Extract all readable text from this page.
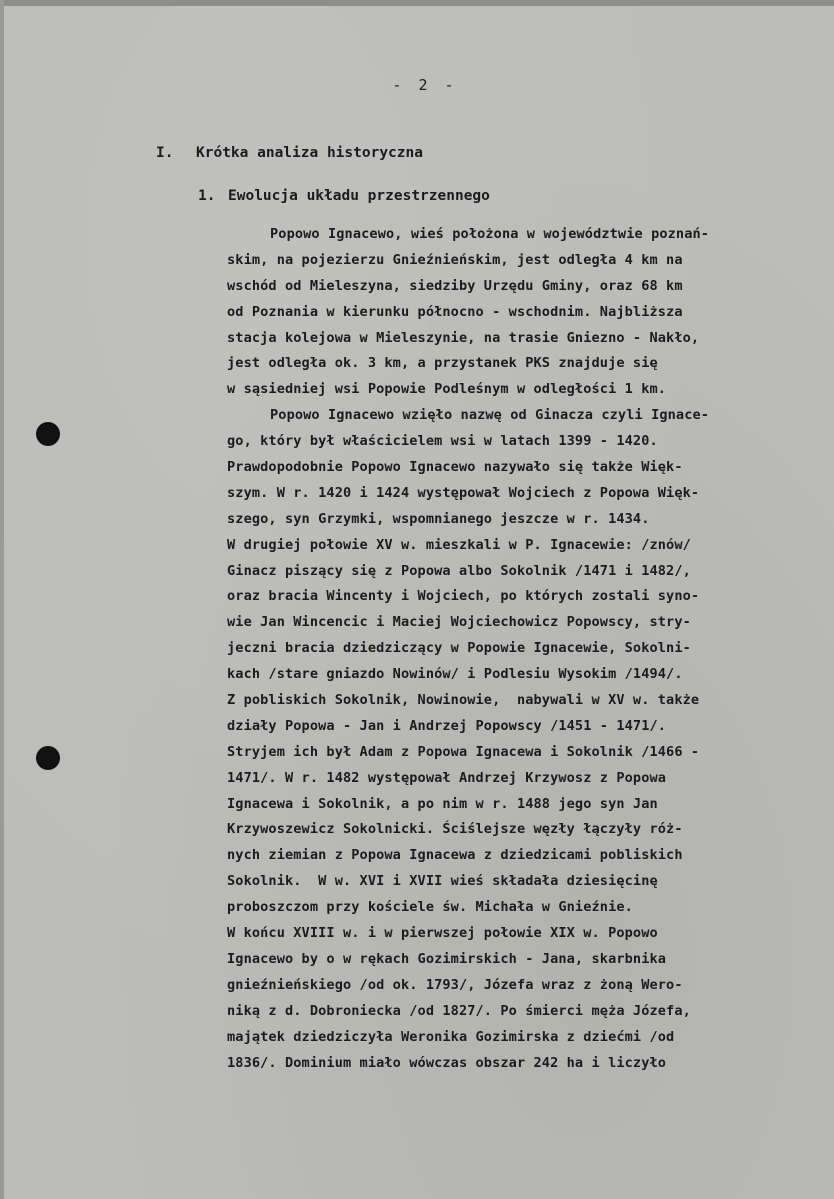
- 2 -
I. Krótka analiza historyczna
1. Ewolucja układu przestrzennego
Popowo Ignacewo, wieś położona w województwie poznań-
skim, na pojezierzu Gnieźnieńskim, jest odległa 4 km na
wschód od Mieleszyna, siedziby Urzędu Gminy, oraz 68 km
od Poznania w kierunku północno - wschodnim. Najbliższa
stacja kolejowa w Mieleszynie, na trasie Gniezno - Nakło,
jest odległa ok. 3 km, a przystanek PKS znajduje się
w sąsiedniej wsi Popowie Podleśnym w odległości 1 km.
Popowo Ignacewo wzięło nazwę od Ginacza czyli Ignace-
go, który był właścicielem wsi w latach 1399 - 1420.
Prawdopodobnie Popowo Ignacewo nazywało się także Więk-
szym. W r. 1420 i 1424 występował Wojciech z Popowa Więk-
szego, syn Grzymki, wspomnianego jeszcze w r. 1434.
W drugiej połowie XV w. mieszkali w P. Ignacewie: /znów/
Ginacz piszący się z Popowa albo Sokolnik /1471 i 1482/,
oraz bracia Wincenty i Wojciech, po których zostali syno-
wie Jan Wincencic i Maciej Wojciechowicz Popowscy, stry-
jeczni bracia dziedziczący w Popowie Ignacewie, Sokolni-
kach /stare gniazdo Nowinów/ i Podlesiu Wysokim /1494/.
Z pobliskich Sokolnik, Nowinowie,  nabywali w XV w. także
działy Popowa - Jan i Andrzej Popowscy /1451 - 1471/.
Stryjem ich był Adam z Popowa Ignacewa i Sokolnik /1466 -
1471/. W r. 1482 występował Andrzej Krzywosz z Popowa
Ignacewa i Sokolnik, a po nim w r. 1488 jego syn Jan
Krzywoszewicz Sokolnicki. Ściślejsze węzły łączyły róż-
nych ziemian z Popowa Ignacewa z dziedzicami pobliskich
Sokolnik.  W w. XVI i XVII wieś składała dziesięcinę
proboszczom przy kościele św. Michała w Gnieźnie.
W końcu XVIII w. i w pierwszej połowie XIX w. Popowo
Ignacewo by o w rękach Gozimirskich - Jana, skarbnika
gnieźnieńskiego /od ok. 1793/, Józefa wraz z żoną Wero-
niką z d. Dobroniecka /od 1827/. Po śmierci męża Józefa,
majątek dziedziczyła Weronika Gozimirska z dziećmi /od
1836/. Dominium miało wówczas obszar 242 ha i liczyło
